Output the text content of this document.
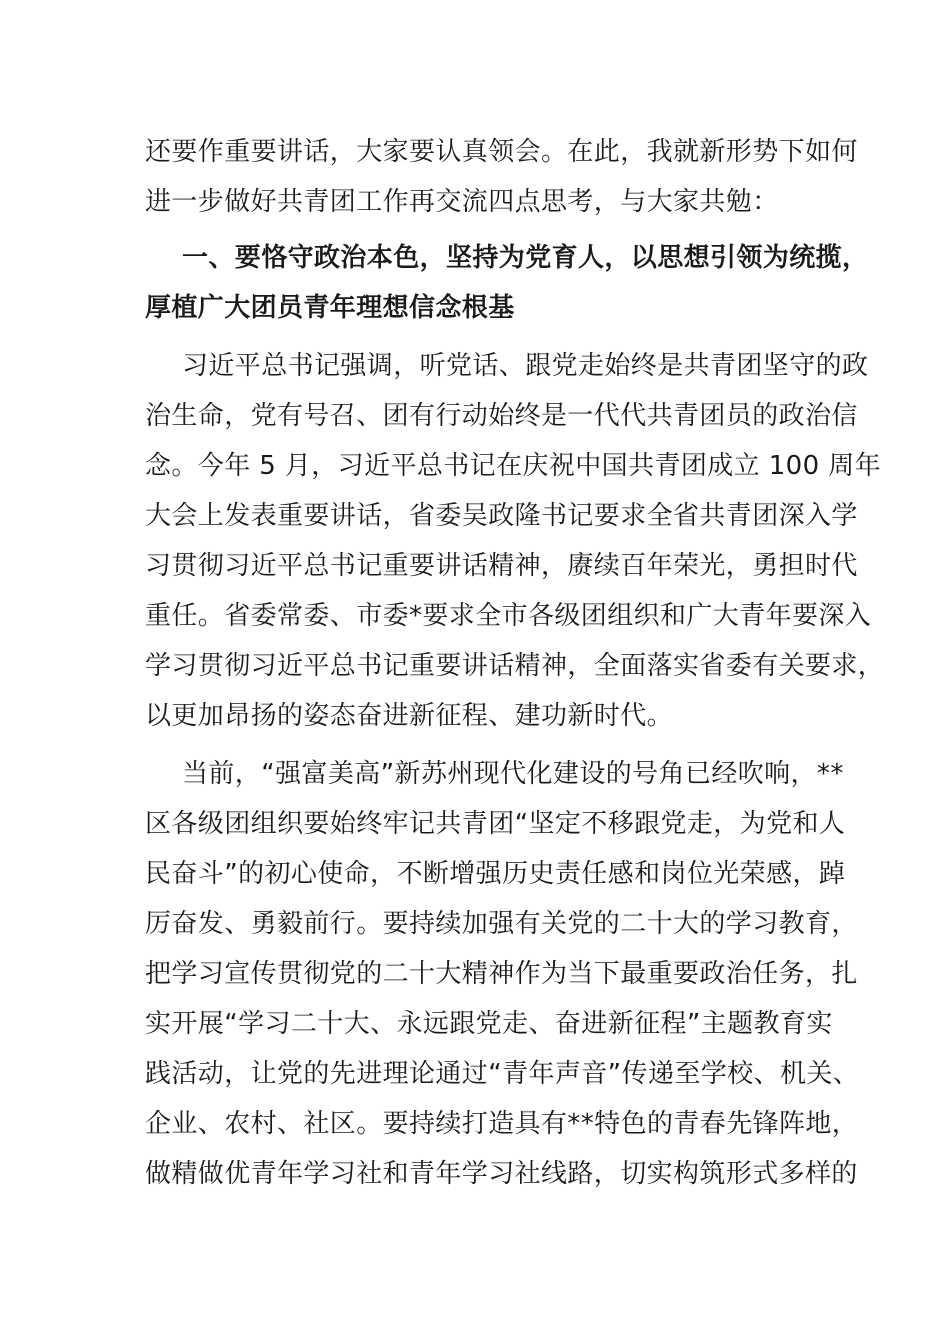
还要作重要讲话，大家要认真领会。在此，我就新形势下如何
进一步做好共青团工作再交流四点思考，与大家共勉：
一、要恪守政治本色，坚持为党育人，以思想引领为统揽，
厚植广大团员青年理想信念根基
习近平总书记强调，听党话、跟党走始终是共青团坚守的政
治生命，党有号召、团有行动始终是一代代共青团员的政治信
念。今年 5 月，习近平总书记在庆祝中国共青团成立 100 周年
大会上发表重要讲话，省委吴政隆书记要求全省共青团深入学
习贯彻习近平总书记重要讲话精神，赓续百年荣光，勇担时代
重任。省委常委、市委*要求全市各级团组织和广大青年要深入
学习贯彻习近平总书记重要讲话精神，全面落实省委有关要求，
以更加昂扬的姿态奋进新征程、建功新时代。
当前，“强富美高”新苏州现代化建设的号角已经吹响，**
区各级团组织要始终牢记共青团“坚定不移跟党走，为党和人
民奋斗”的初心使命，不断增强历史责任感和岗位光荣感，踔
厉奋发、勇毅前行。要持续加强有关党的二十大的学习教育，
把学习宣传贯彻党的二十大精神作为当下最重要政治任务，扎
实开展“学习二十大、永远跟党走、奋进新征程”主题教育实
践活动，让党的先进理论通过“青年声音”传递至学校、机关、
企业、农村、社区。要持续打造具有**特色的青春先锋阵地，
做精做优青年学习社和青年学习社线路，切实构筑形式多样的
